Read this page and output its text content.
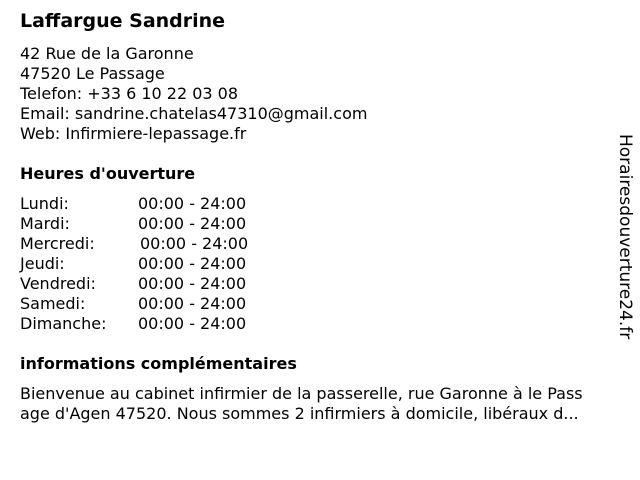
Laffargue Sandrine
42 Rue de la Garonne
47520 Le Passage
Telefon: +33 6 10 22 03 08
Email: sandrine.chatelas47310@gmail.com
Web: Infirmiere-lepassage.fr
Heures d'ouverture
Lundi:	00:00 - 24:00
Mardi:	00:00 - 24:00
Mercredi:	00:00 - 24:00
Jeudi:	00:00 - 24:00
Vendredi:	00:00 - 24:00
Samedi:	00:00 - 24:00
Dimanche: 00:00 - 24:00
informations complémentaires
Bienvenue au cabinet infirmier de la passerelle, rue Garonne à le Pass
age d'Agen 47520. Nous sommes 2 infirmiers à domicile, libéraux d...
Horairesdouverture24.fr
